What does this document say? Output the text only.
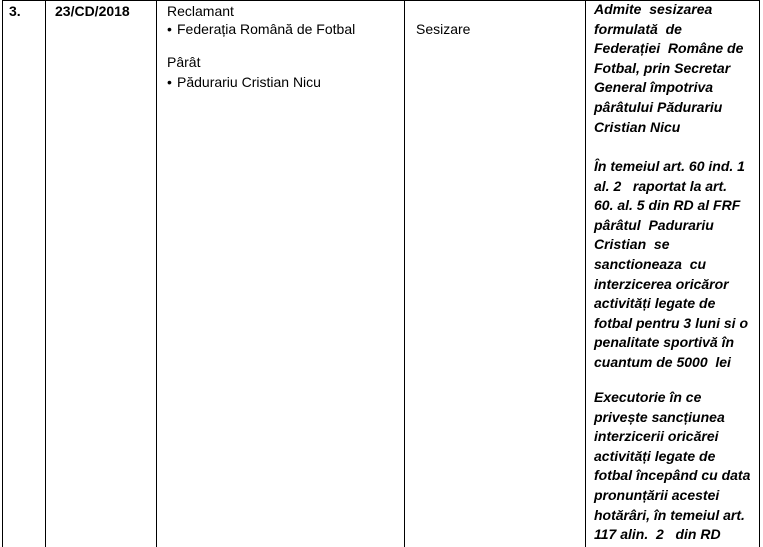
3. 23/CD/2018	Reclamant
• Federația Română de Fotbal
Pârât
• Pădurariu Cristian Nicu
Sesizare
Admite  sesizarea
formulată  de
Federației  Române de
Fotbal, prin Secretar
General împotriva
pârâtului Pădurariu
Cristian Nicu
În temeiul art. 60 ind. 1
al. 2   raportat la art.
60. al. 5 din RD al FRF
pârâtul  Padurariu
Cristian  se
sanctioneaza  cu
interzicerea oricăror
activități legate de
fotbal pentru 3 luni si o
penalitate sportivă în
cuantum de 5000  lei
Executorie în ce
privește sancțiunea
interzicerii oricărei
activități legate de
fotbal începând cu data
pronunțării acestei
hotărâri, în temeiul art.
117 alin.  2   din RD
